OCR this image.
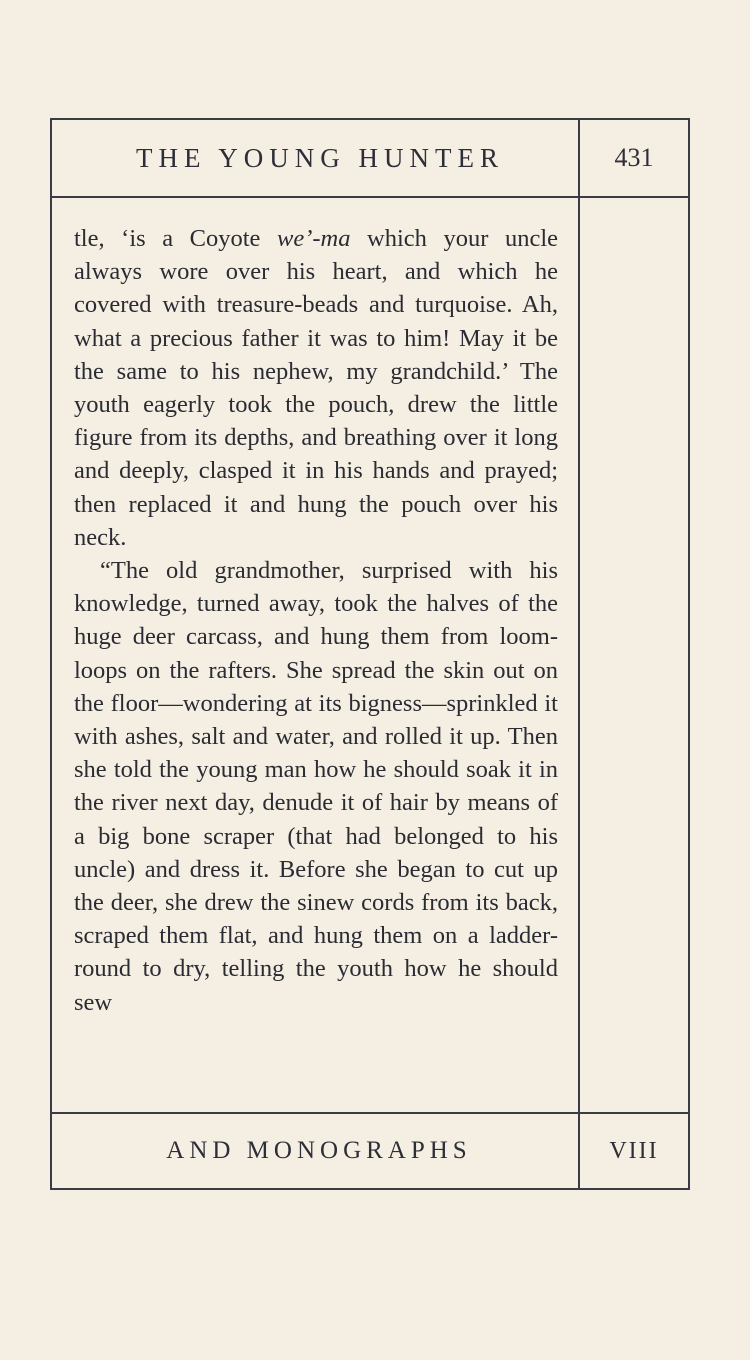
THE YOUNG HUNTER	431

tle, ‘is a Coyote we’-ma which your uncle always wore over his heart, and which he covered with treasure-beads and turquoise. Ah, what a precious father it was to him! May it be the same to his nephew, my grandchild.’ The youth eagerly took the pouch, drew the little figure from its depths, and breathing over it long and deeply, clasped it in his hands and prayed; then replaced it and hung the pouch over his neck.

“The old grandmother, surprised with his knowledge, turned away, took the halves of the huge deer carcass, and hung them from loom-loops on the rafters. She spread the skin out on the floor—wondering at its bigness—sprinkled it with ashes, salt and water, and rolled it up. Then she told the young man how he should soak it in the river next day, denude it of hair by means of a big bone scraper (that had belonged to his uncle) and dress it. Before she began to cut up the deer, she drew the sinew cords from its back, scraped them flat, and hung them on a ladder-round to dry, telling the youth how he should sew

AND MONOGRAPHS	VIII
